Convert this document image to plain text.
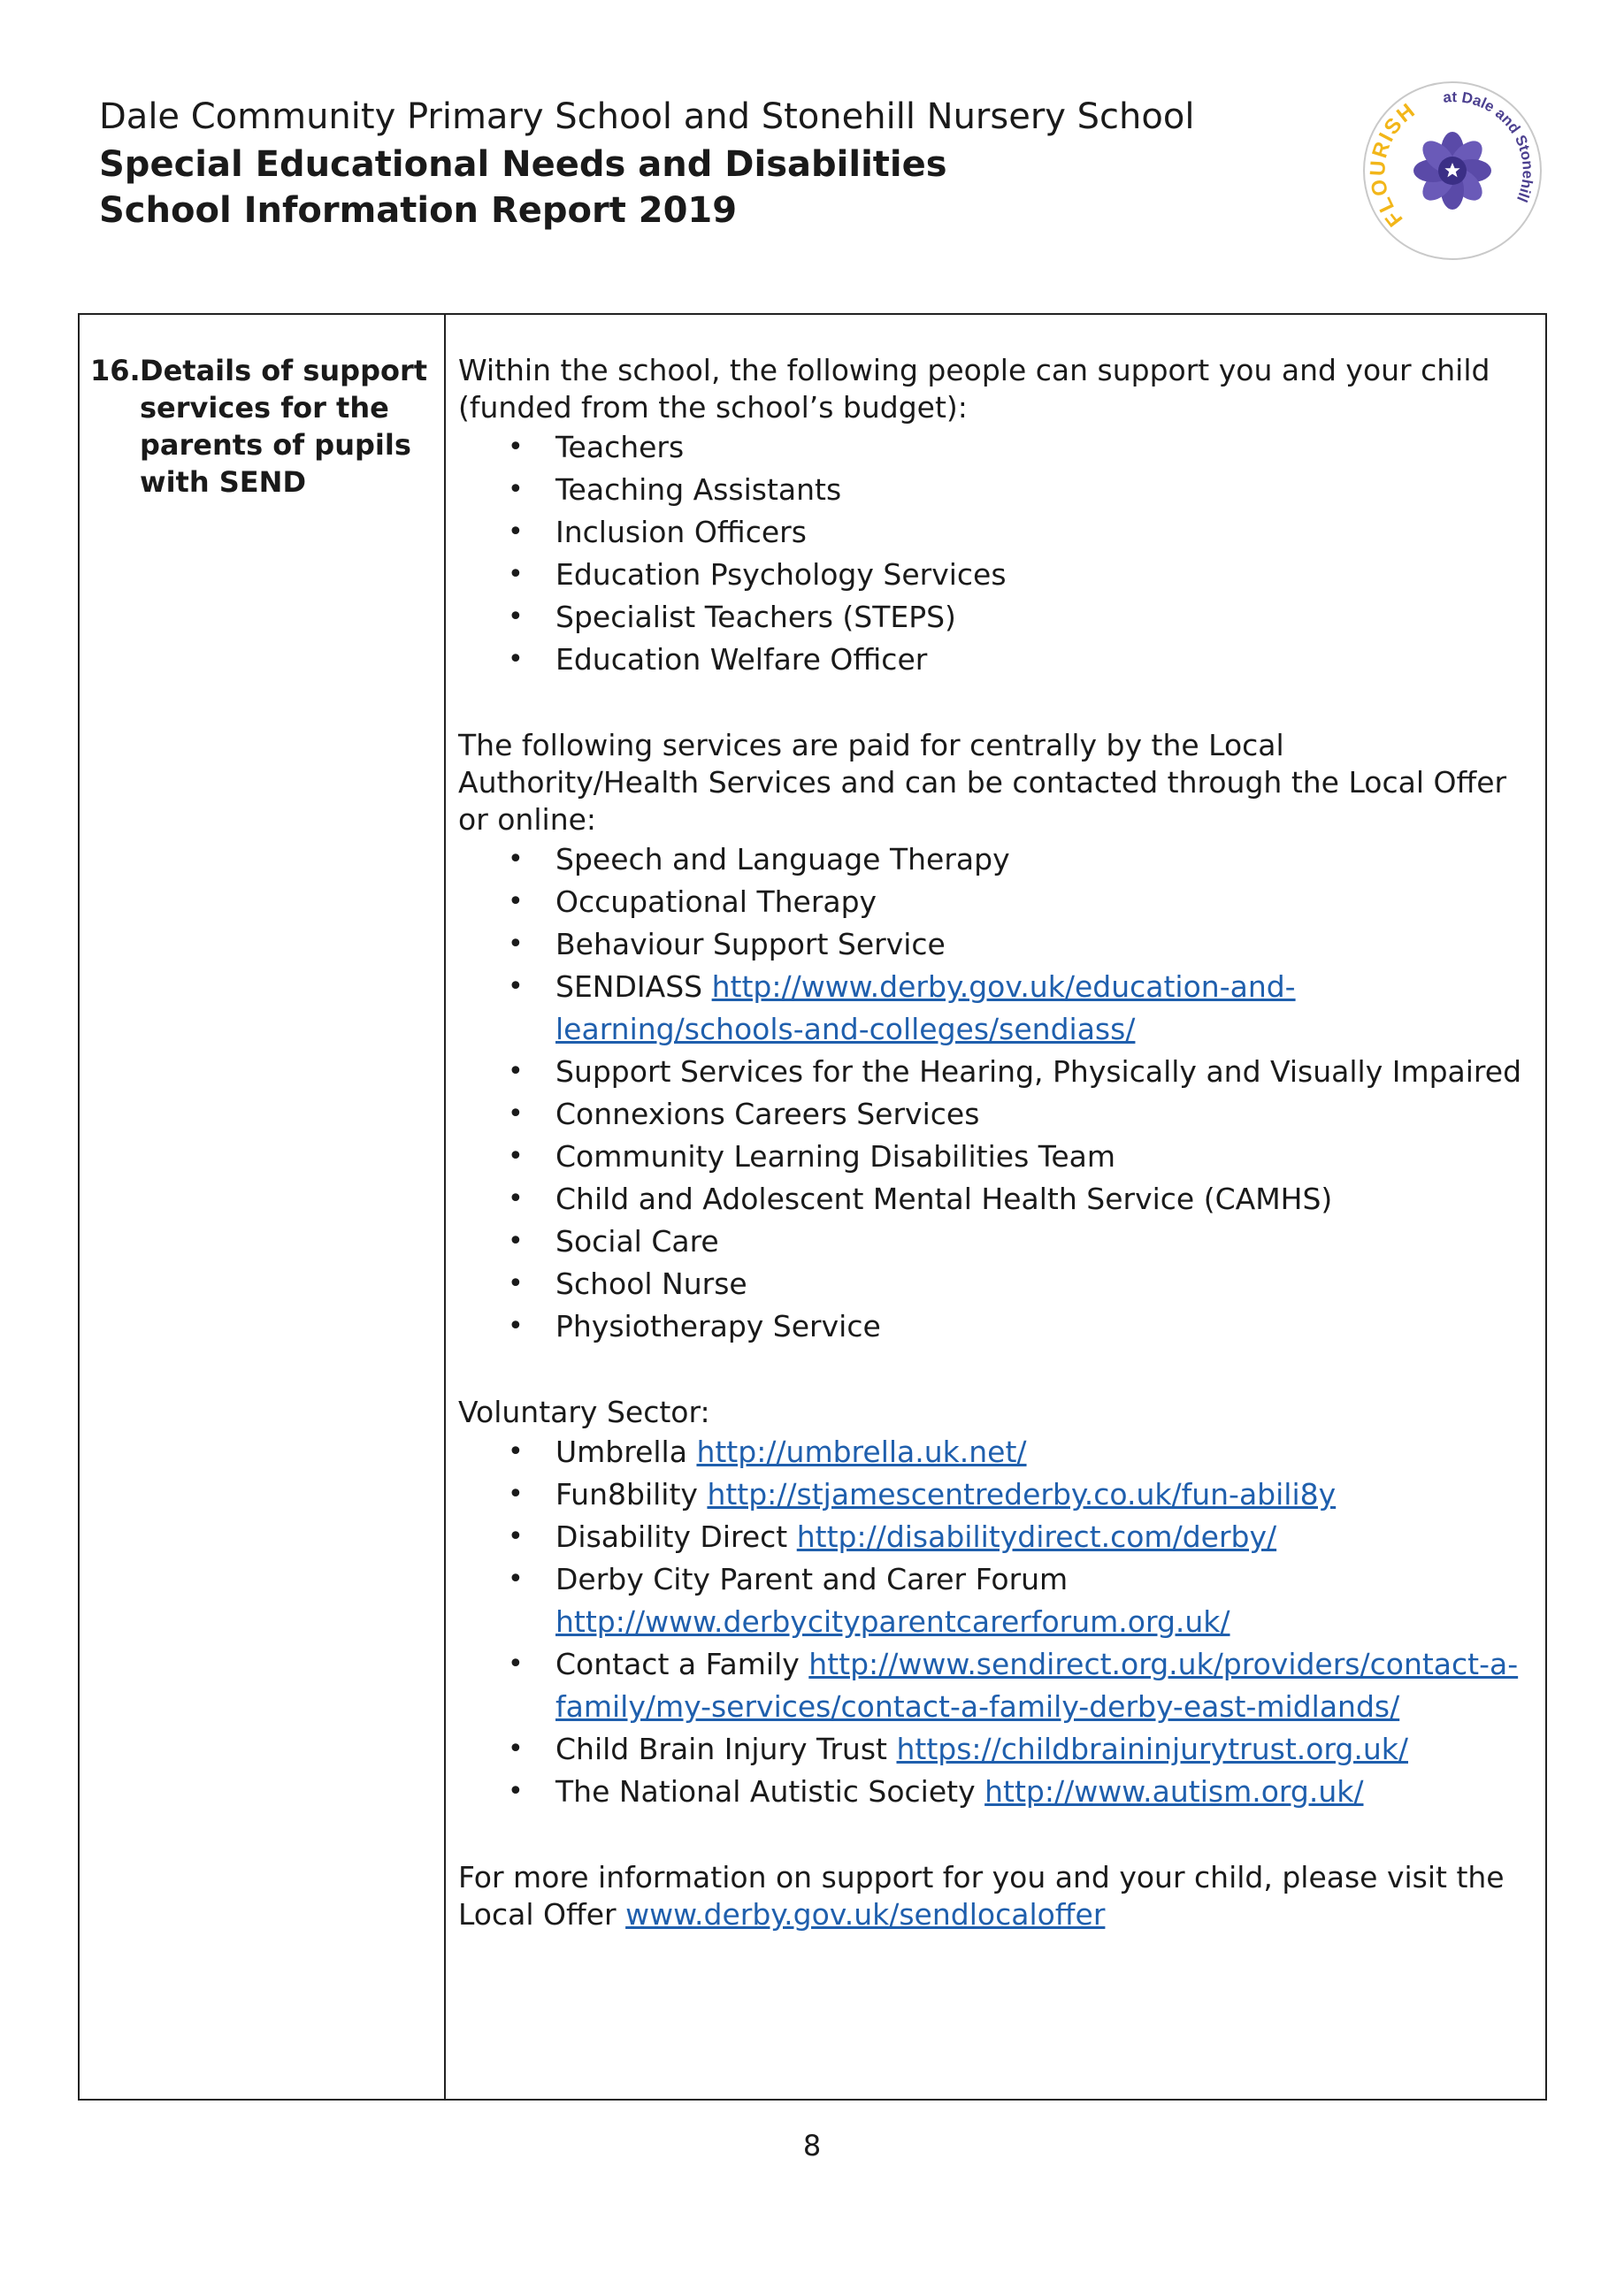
Dale Community Primary School and Stonehill Nursery School

Special Educational Needs and Disabilities

School Information Report 2019	FLOURISH
at Dale and Stonehill
16. Details of support services for the parents of pupils with SEND

Within the school, the following people can support you and your child (funded from the school’s budget):

• Teachers
• Teaching Assistants
• Inclusion Officers
• Education Psychology Services
• Specialist Teachers (STEPS)
• Education Welfare Officer

The following services are paid for centrally by the Local Authority/Health Services and can be contacted through the Local Offer or online:

• Speech and Language Therapy
• Occupational Therapy
• Behaviour Support Service
• SENDIASS http://www.derby.gov.uk/education-and-learning/schools-and-colleges/sendiass/
• Support Services for the Hearing, Physically and Visually Impaired
• Connexions Careers Services
• Community Learning Disabilities Team
• Child and Adolescent Mental Health Service (CAMHS)
• Social Care
• School Nurse
• Physiotherapy Service

Voluntary Sector:

• Umbrella http://umbrella.uk.net/
• Fun8bility http://stjamescentrederby.co.uk/fun-abili8y
• Disability Direct http://disabilitydirect.com/derby/
• Derby City Parent and Carer Forum http://www.derbycityparentcarerforum.org.uk/
• Contact a Family http://www.sendirect.org.uk/providers/contact-a-family/my-services/contact-a-family-derby-east-midlands/
• Child Brain Injury Trust https://childbraininjurytrust.org.uk/
• The National Autistic Society http://www.autism.org.uk/

For more information on support for you and your child, please visit the Local Offer www.derby.gov.uk/sendlocaloffer

8
